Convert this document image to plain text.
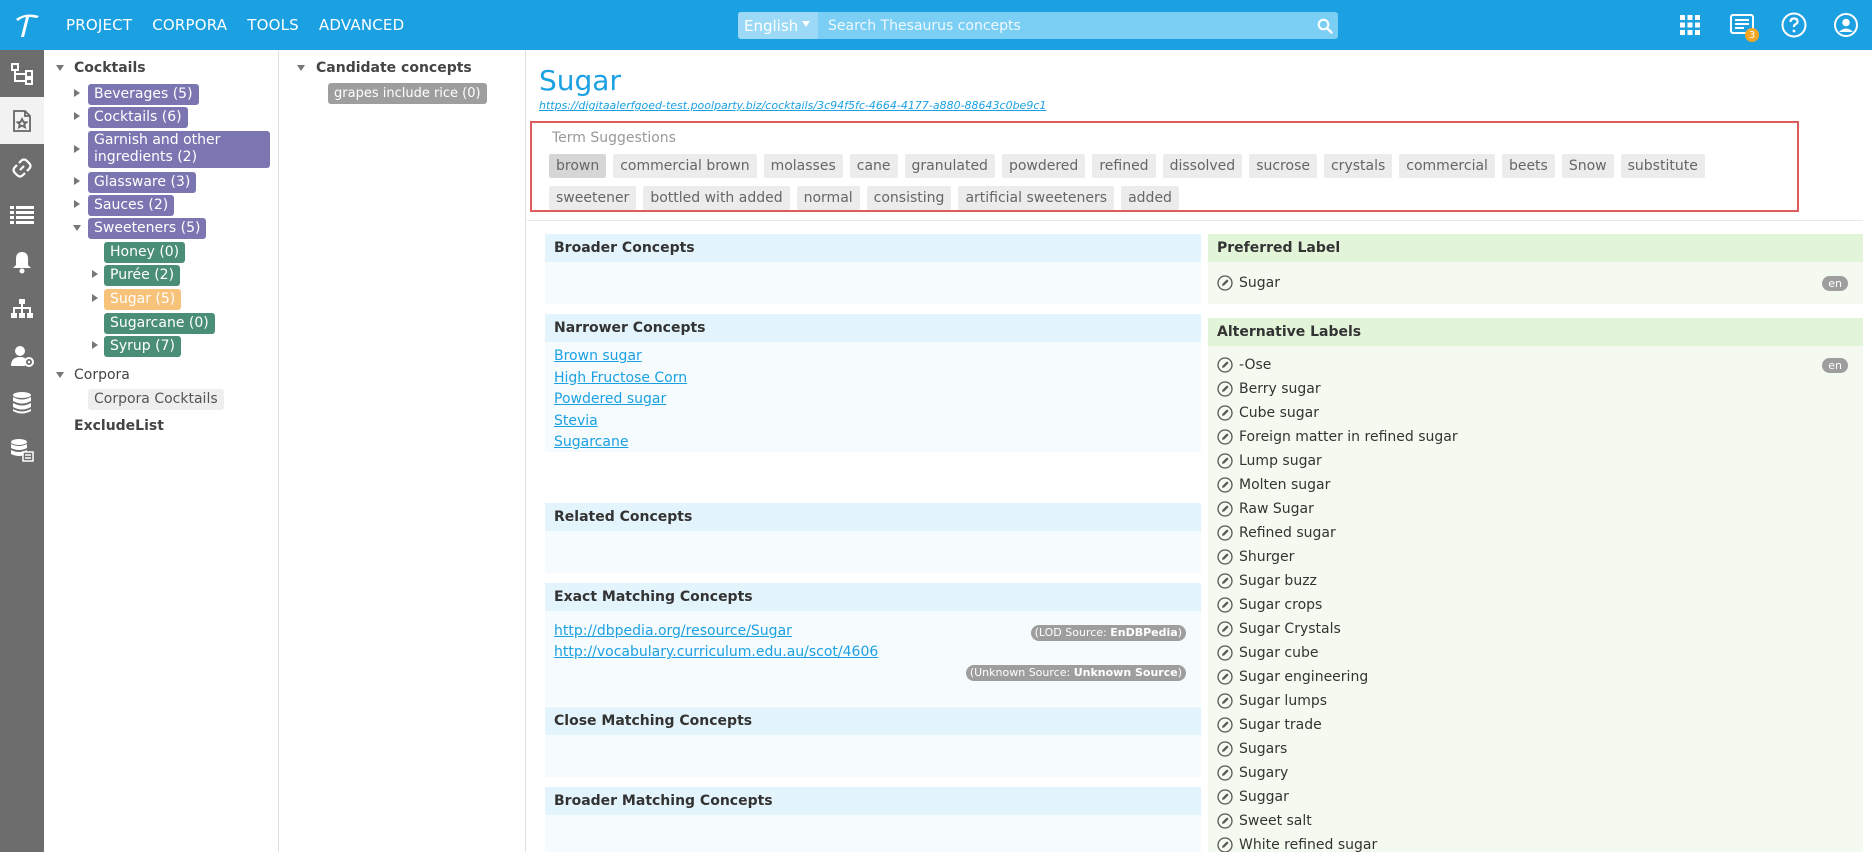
PROJECT CORPORA TOOLS ADVANCED	English
Search Thesaurus concepts
3
Cocktails
Beverages (5)
Cocktails (6)
Garnish and other
ingredients (2)
Glassware (3)
Sauces (2)
Sweeteners (5)
Honey (0)
Purée (2)
Sugar (5)
Sugarcane (0)
Syrup (7)
Corpora
Corpora Cocktails
ExcludeList
Candidate concepts
grapes include rice (0) Sugar
https://digitaalerfgoed-test.poolparty.biz/cocktails/3c94f5fc-4664-4177-a880-88643c0be9c1
Term Suggestions
brown	commercial brown	molasses	cane	granulated	powdered	refined	dissolved	sucrose	crystals	commercial	beets	Snow	substitute
sweetener	bottled with added	normal	consisting	artificial sweeteners	added
Broader Concepts
Narrower Concepts
Brown sugar
High Fructose Corn
Powdered sugar
Stevia
Sugarcane
Related Concepts
Exact Matching Concepts
http://dbpedia.org/resource/Sugar	(LOD Source: EnDBPedia)
http://vocabulary.curriculum.edu.au/scot/4606
(Unknown Source: Unknown Source)
Close Matching Concepts
Broader Matching Concepts
Preferred Label
Sugar	en
Alternative Labels
-Ose	en
Berry sugar
Cube sugar
Foreign matter in refined sugar
Lump sugar
Molten sugar
Raw Sugar
Refined sugar
Shurger
Sugar buzz
Sugar crops
Sugar Crystals
Sugar cube
Sugar engineering
Sugar lumps
Sugar trade
Sugars
Sugary
Suggar
Sweet salt
White refined sugar
